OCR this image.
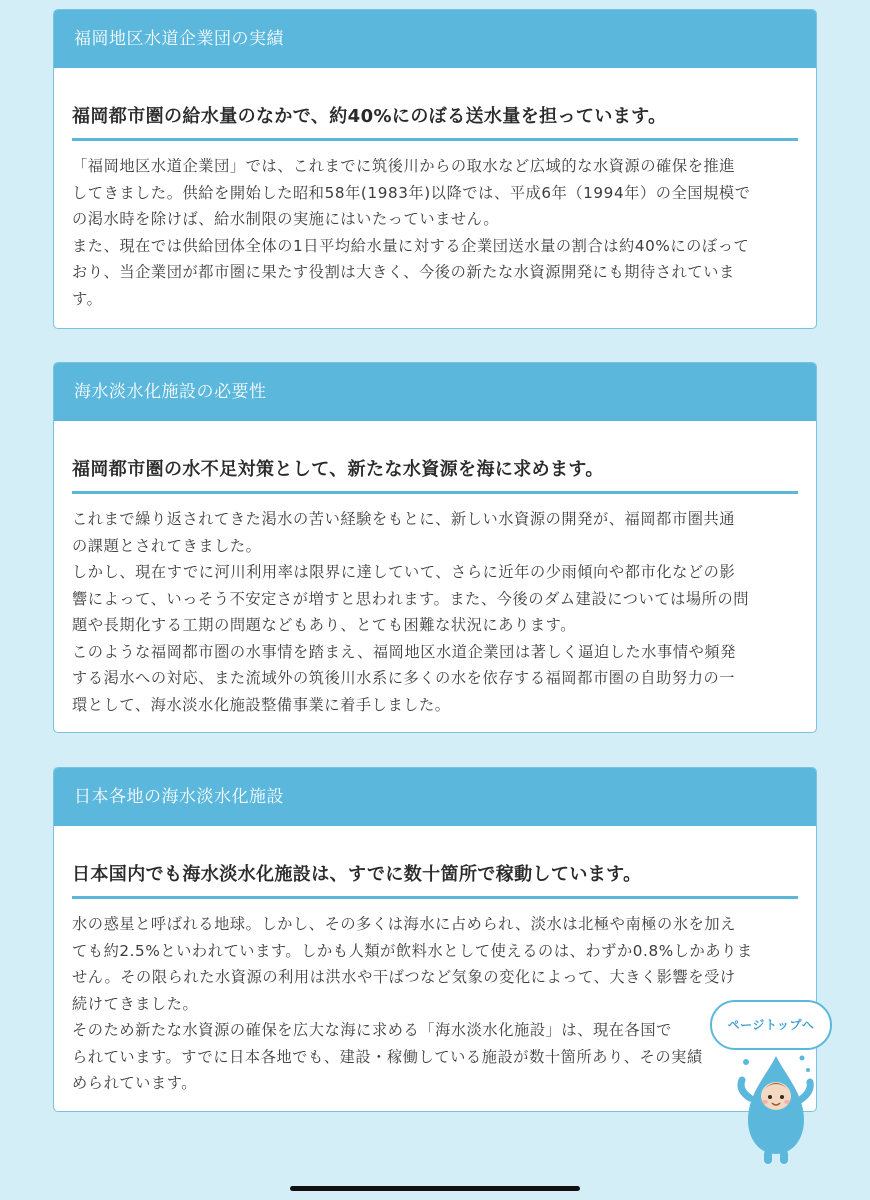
福岡地区水道企業団の実績
福岡都市圏の給水量のなかで、約40%にのぼる送水量を担っています。

「福岡地区水道企業団」では、これまでに筑後川からの取水など広域的な水資源の確保を推進

してきました。供給を開始した昭和58年(1983年)以降では、平成6年（1994年）の全国規模で

の渇水時を除けば、給水制限の実施にはいたっていません。

また、現在では供給団体全体の1日平均給水量に対する企業団送水量の割合は約40%にのぼって

おり、当企業団が都市圏に果たす役割は大きく、今後の新たな水資源開発にも期待されていま

す。

海水淡水化施設の必要性
福岡都市圏の水不足対策として、新たな水資源を海に求めます。

これまで繰り返されてきた渇水の苦い経験をもとに、新しい水資源の開発が、福岡都市圏共通

の課題とされてきました。

しかし、現在すでに河川利用率は限界に達していて、さらに近年の少雨傾向や都市化などの影

響によって、いっそう不安定さが増すと思われます。また、今後のダム建設については場所の問

題や長期化する工期の問題などもあり、とても困難な状況にあります。

このような福岡都市圏の水事情を踏まえ、福岡地区水道企業団は著しく逼迫した水事情や頻発

する渇水への対応、また流域外の筑後川水系に多くの水を依存する福岡都市圏の自助努力の一

環として、海水淡水化施設整備事業に着手しました。

日本各地の海水淡水化施設
日本国内でも海水淡水化施設は、すでに数十箇所で稼動しています。

水の惑星と呼ばれる地球。しかし、その多くは海水に占められ、淡水は北極や南極の氷を加え

ても約2.5%といわれています。しかも人類が飲料水として使えるのは、わずか0.8%しかありま

せん。その限られた水資源の利用は洪水や干ばつなど気象の変化によって、大きく影響を受け

続けてきました。

そのため新たな水資源の確保を広大な海に求める「海水淡水化施設」は、現在各国で

られています。すでに日本各地でも、建設・稼働している施設が数十箇所あり、その実績

められています。

ページトップへ
